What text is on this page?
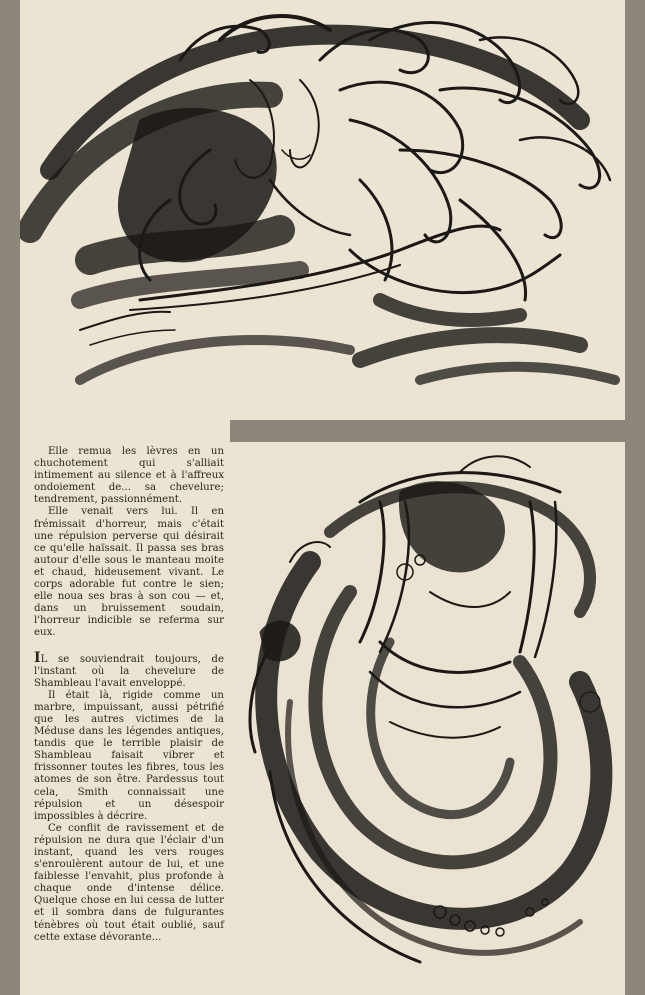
Elle remua les lèvres en un chuchotement qui s'alliait intimement au silence et à l'affreux ondoiement de... sa chevelure; tendrement, passionnément.

Elle venait vers lui. Il en frémissait d'horreur, mais c'était une répulsion perverse qui désirait ce qu'elle haïssait. Il passa ses bras autour d'elle sous le manteau moite et chaud, hideusement vivant. Le corps adorable fut contre le sien; elle noua ses bras à son cou — et, dans un bruissement soudain, l'horreur indicible se referma sur eux.

IL se souviendrait toujours, de l'instant où la chevelure de Shambleau l'avait enveloppé.

Il était là, rigide comme un marbre, impuissant, aussi pétrifié que les autres victimes de la Méduse dans les légendes antiques, tandis que le terrible plaisir de Shambleau faisait vibrer et frissonner toutes les fibres, tous les atomes de son être. Pardessus tout cela, Smith connaissait une répulsion et un désespoir impossibles à décrire.

Ce conflit de ravissement et de répulsion ne dura que l'éclair d'un instant, quand les vers rouges s'enroulèrent autour de lui, et une faiblesse l'envahit, plus profonde à chaque onde d'intense délice. Quelque chose en lui cessa de lutter et il sombra dans de fulgurantes ténèbres où tout était oublié, sauf cette extase dévorante...
